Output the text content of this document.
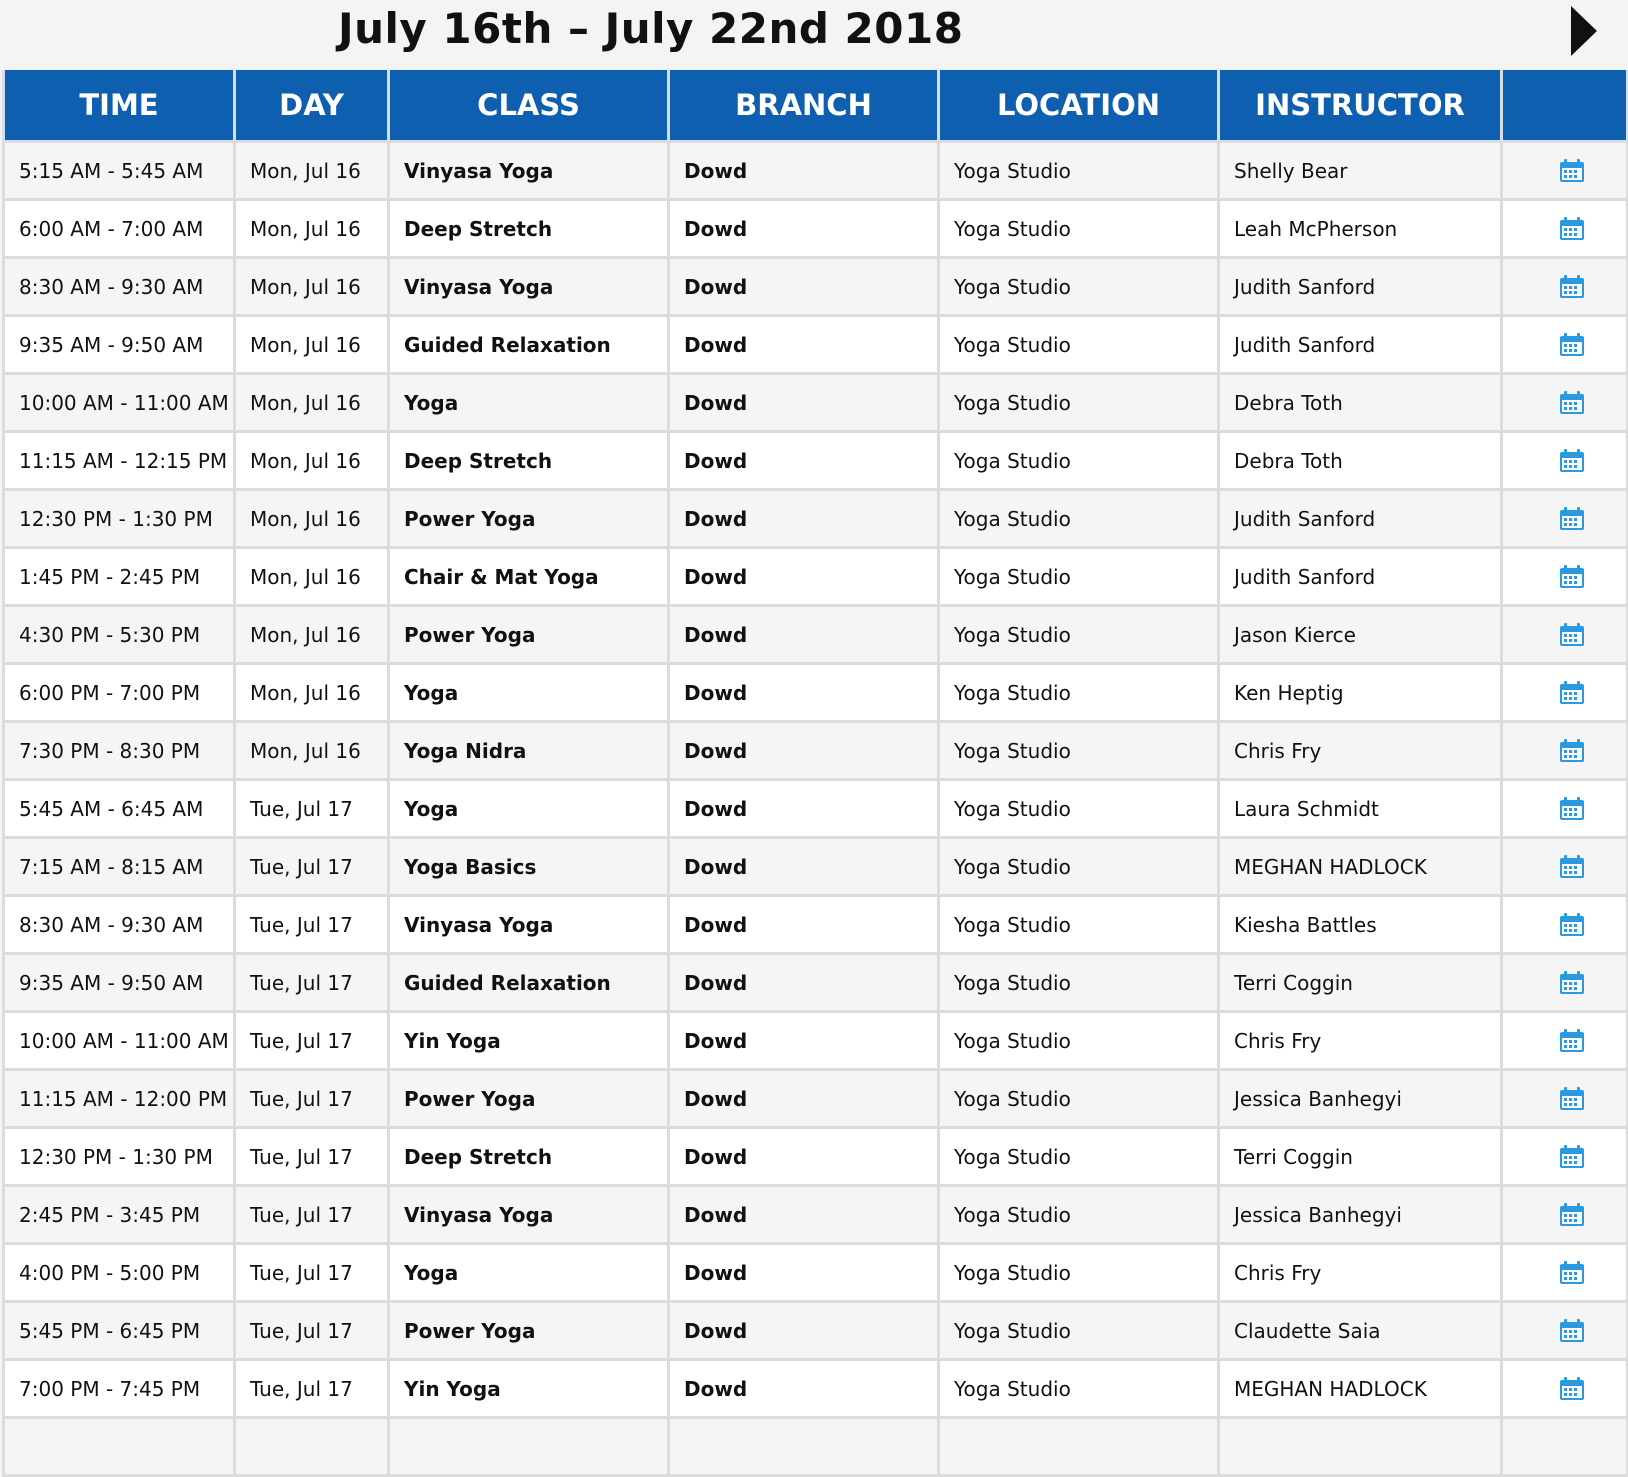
July 16th – July 22nd 2018
TIME	DAY	CLASS	BRANCH	LOCATION	INSTRUCTOR	
5:15 AM - 5:45 AM	Mon, Jul 16	Vinyasa Yoga	Dowd	Yoga Studio	Shelly Bear	

6:00 AM - 7:00 AM	Mon, Jul 16	Deep Stretch	Dowd	Yoga Studio	Leah McPherson	

8:30 AM - 9:30 AM	Mon, Jul 16	Vinyasa Yoga	Dowd	Yoga Studio	Judith Sanford	

9:35 AM - 9:50 AM	Mon, Jul 16	Guided Relaxation	Dowd	Yoga Studio	Judith Sanford	

10:00 AM - 11:00 AM	Mon, Jul 16	Yoga	Dowd	Yoga Studio	Debra Toth	

11:15 AM - 12:15 PM	Mon, Jul 16	Deep Stretch	Dowd	Yoga Studio	Debra Toth	

12:30 PM - 1:30 PM	Mon, Jul 16	Power Yoga	Dowd	Yoga Studio	Judith Sanford	

1:45 PM - 2:45 PM	Mon, Jul 16	Chair & Mat Yoga	Dowd	Yoga Studio	Judith Sanford	

4:30 PM - 5:30 PM	Mon, Jul 16	Power Yoga	Dowd	Yoga Studio	Jason Kierce	

6:00 PM - 7:00 PM	Mon, Jul 16	Yoga	Dowd	Yoga Studio	Ken Heptig	

7:30 PM - 8:30 PM	Mon, Jul 16	Yoga Nidra	Dowd	Yoga Studio	Chris Fry	

5:45 AM - 6:45 AM	Tue, Jul 17	Yoga	Dowd	Yoga Studio	Laura Schmidt	

7:15 AM - 8:15 AM	Tue, Jul 17	Yoga Basics	Dowd	Yoga Studio	MEGHAN HADLOCK	

8:30 AM - 9:30 AM	Tue, Jul 17	Vinyasa Yoga	Dowd	Yoga Studio	Kiesha Battles	

9:35 AM - 9:50 AM	Tue, Jul 17	Guided Relaxation	Dowd	Yoga Studio	Terri Coggin	

10:00 AM - 11:00 AM	Tue, Jul 17	Yin Yoga	Dowd	Yoga Studio	Chris Fry	

11:15 AM - 12:00 PM	Tue, Jul 17	Power Yoga	Dowd	Yoga Studio	Jessica Banhegyi	

12:30 PM - 1:30 PM	Tue, Jul 17	Deep Stretch	Dowd	Yoga Studio	Terri Coggin	

2:45 PM - 3:45 PM	Tue, Jul 17	Vinyasa Yoga	Dowd	Yoga Studio	Jessica Banhegyi	

4:00 PM - 5:00 PM	Tue, Jul 17	Yoga	Dowd	Yoga Studio	Chris Fry	

5:45 PM - 6:45 PM	Tue, Jul 17	Power Yoga	Dowd	Yoga Studio	Claudette Saia	

7:00 PM - 7:45 PM	Tue, Jul 17	Yin Yoga	Dowd	Yoga Studio	MEGHAN HADLOCK	
